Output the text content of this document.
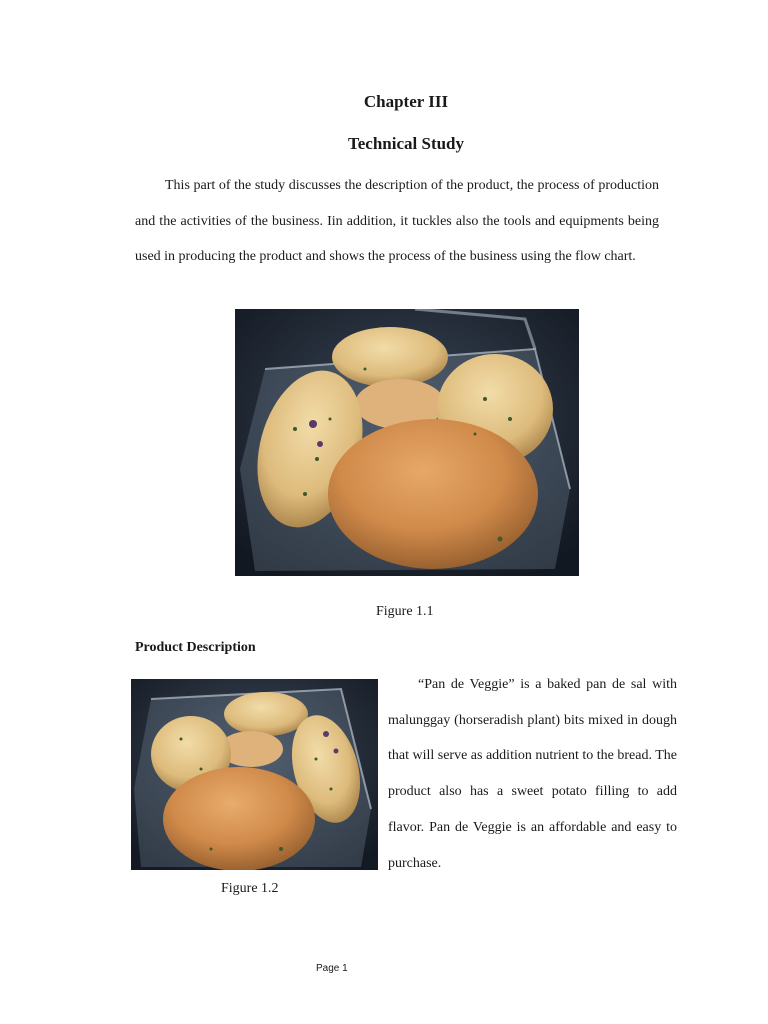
Chapter III
Technical Study

This part of the study discusses the description of the product, the process of production and the activities of the business. Iin addition, it tuckles also the tools and equipments being used in producing the product and shows the process of the business using the flow chart.

Figure 1.1
Product Description

“Pan de Veggie” is a baked pan de sal with malunggay (horseradish plant) bits mixed in dough that will serve as addition nutrient to the bread. The product also has a sweet potato filling to add flavor. Pan de Veggie is an affordable and easy to purchase.

Figure 1.2
Page 1
